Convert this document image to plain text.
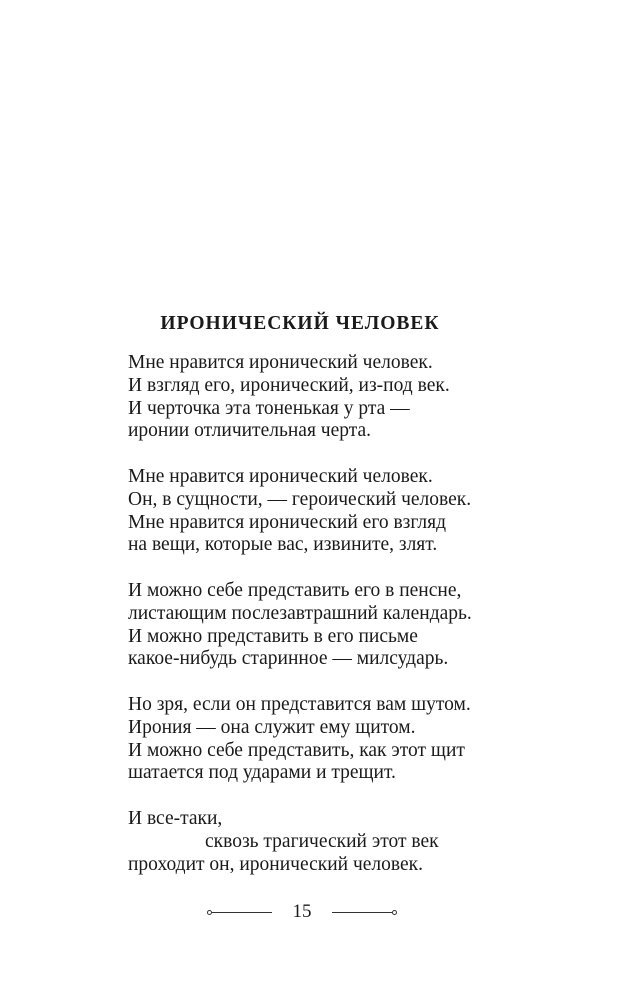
ИРОНИЧЕСКИЙ ЧЕЛОВЕК
Мне нравится иронический человек.
И взгляд его, иронический, из-под век.
И черточка эта тоненькая у рта —
иронии отличительная черта.
Мне нравится иронический человек.
Он, в сущности, — героический человек.
Мне нравится иронический его взгляд
на вещи, которые вас, извините, злят.
И можно себе представить его в пенсне,
листающим послезавтрашний календарь.
И можно представить в его письме
какое-нибудь старинное — милсударь.
Но зря, если он представится вам шутом.
Ирония — она служит ему щитом.
И можно себе представить, как этот щит
шатается под ударами и трещит.
И все-таки,
сквозь трагический этот век
проходит он, иронический человек.
15
